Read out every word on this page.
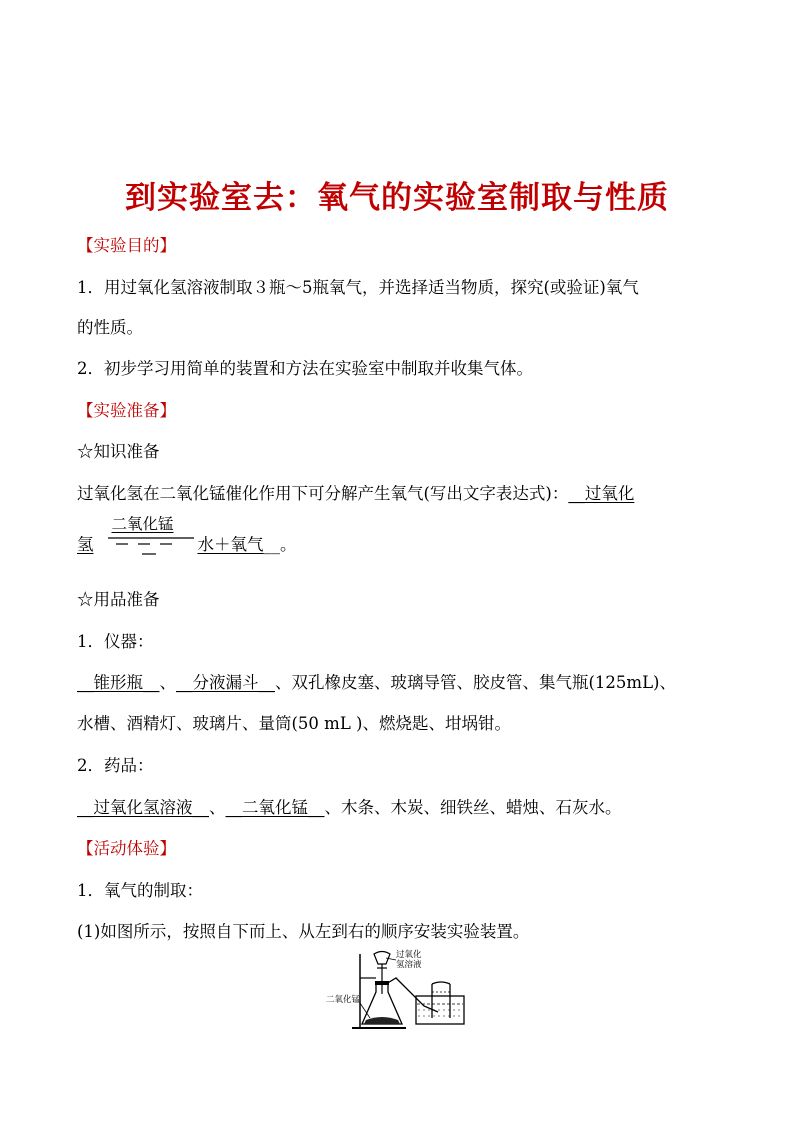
到实验室去：氧气的实验室制取与性质
【实验目的】
1．用过氧化氢溶液制取３瓶～5瓶氧气，并选择适当物质，探究(或验证)氧气
的性质。
2．初步学习用简单的装置和方法在实验室中制取并收集气体。
【实验准备】
☆知识准备
过氧化氢在二氧化锰催化作用下可分解产生氧气(写出文字表达式)：__过氧化
氢
二氧化锰
水＋氧气__。
☆用品准备
1．仪器：
__锥形瓶__、__分液漏斗__、双孔橡皮塞、玻璃导管、胶皮管、集气瓶(125mL)、
水槽、酒精灯、玻璃片、量筒(50 mL )、燃烧匙、坩埚钳。
2．药品：
__过氧化氢溶液__、__二氧化锰__、木条、木炭、细铁丝、蜡烛、石灰水。
【活动体验】
1．氧气的制取：
(1)如图所示，按照自下而上、从左到右的顺序安装实验装置。
过氧化
氢溶液
二氧化锰
